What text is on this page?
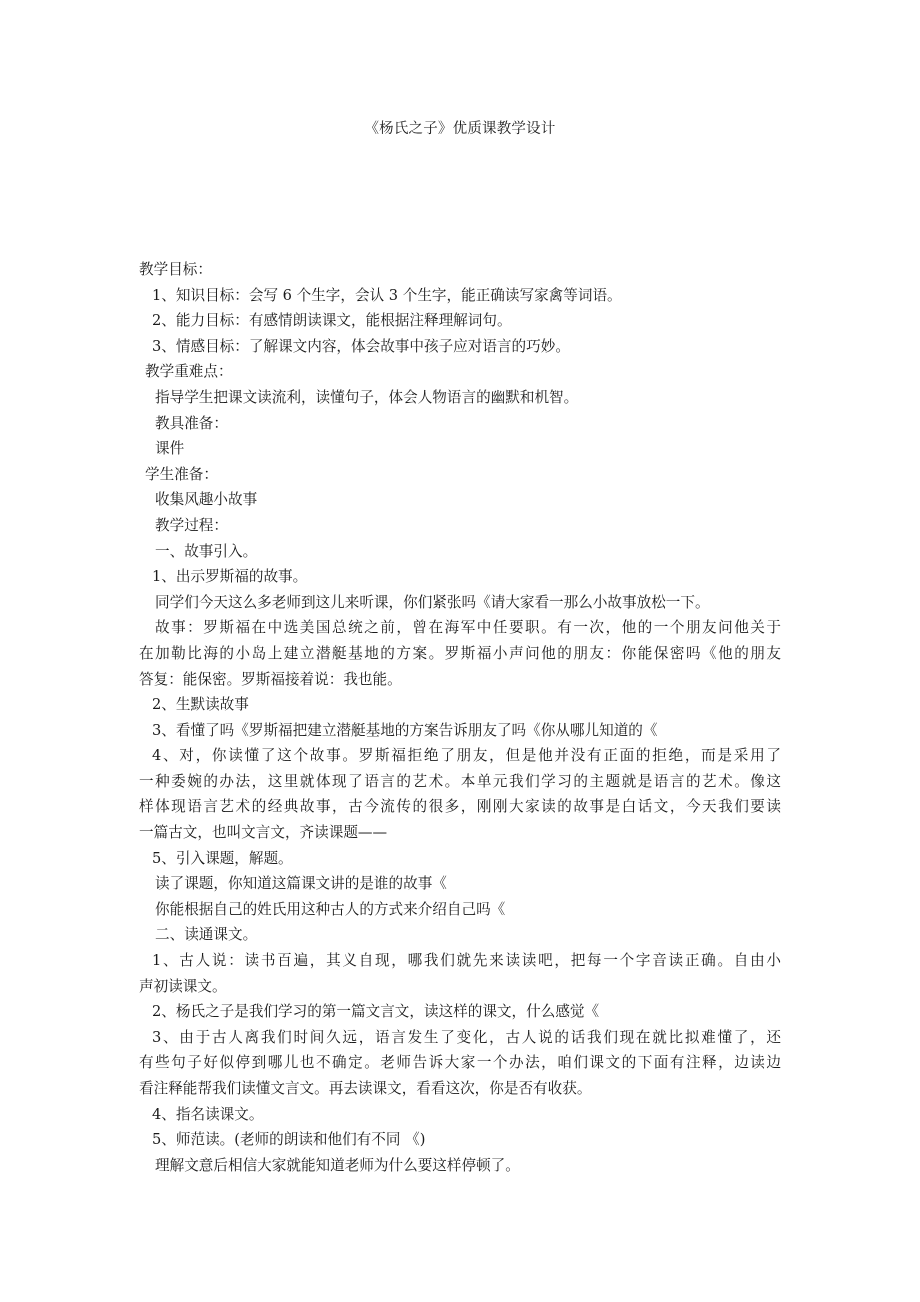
《杨氏之子》优质课教学设计
教学目标：
1、知识目标：会写 6 个生字，会认 3 个生字，能正确读写家禽等词语。
2、能力目标：有感情朗读课文，能根据注释理解词句。
3、情感目标：了解课文内容，体会故事中孩子应对语言的巧妙。
教学重难点：
指导学生把课文读流利，读懂句子，体会人物语言的幽默和机智。
教具准备：
课件
学生准备：
收集风趣小故事
教学过程：
一、故事引入。
1、出示罗斯福的故事。
同学们今天这么多老师到这儿来听课，你们紧张吗《请大家看一那么小故事放松一下。
故事：罗斯福在中选美国总统之前，曾在海军中任要职。有一次，他的一个朋友问他关于
在加勒比海的小岛上建立潜艇基地的方案。罗斯福小声问他的朋友：你能保密吗《他的朋友
答复：能保密。罗斯福接着说：我也能。
2、生默读故事
3、看懂了吗《罗斯福把建立潜艇基地的方案告诉朋友了吗《你从哪儿知道的《
4、对，你读懂了这个故事。罗斯福拒绝了朋友，但是他并没有正面的拒绝，而是采用了
一种委婉的办法，这里就体现了语言的艺术。本单元我们学习的主题就是语言的艺术。像这
样体现语言艺术的经典故事，古今流传的很多，刚刚大家读的故事是白话文，今天我们要读
一篇古文，也叫文言文，齐读课题——
5、引入课题，解题。
读了课题，你知道这篇课文讲的是谁的故事《
你能根据自己的姓氏用这种古人的方式来介绍自己吗《
二、读通课文。
1、古人说：读书百遍，其义自现，哪我们就先来读读吧，把每一个字音读正确。自由小
声初读课文。
2、杨氏之子是我们学习的第一篇文言文，读这样的课文，什么感觉《
3、由于古人离我们时间久远，语言发生了变化，古人说的话我们现在就比拟难懂了，还
有些句子好似停到哪儿也不确定。老师告诉大家一个办法，咱们课文的下面有注释，边读边
看注释能帮我们读懂文言文。再去读课文，看看这次，你是否有收获。
4、指名读课文。
5、师范读。(老师的朗读和他们有不同 《)
理解文意后相信大家就能知道老师为什么要这样停顿了。
